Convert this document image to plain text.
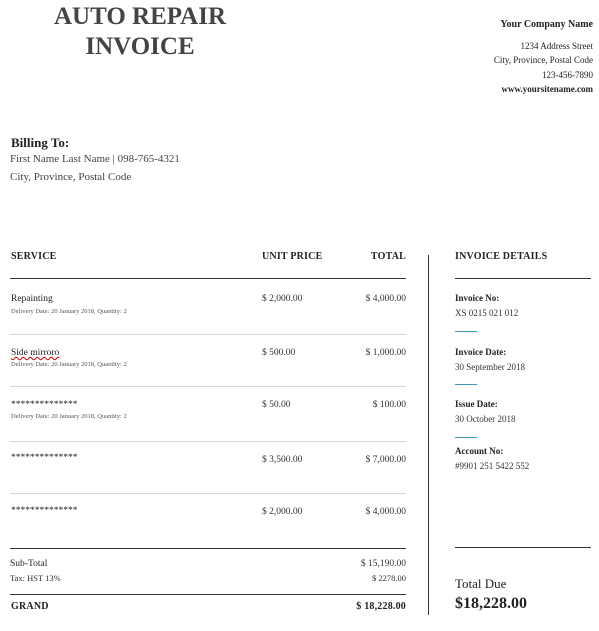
AUTO REPAIR
INVOICE
Your Company Name
1234 Address Street
City, Province, Postal Code
123-456-7890
www.yoursitename.com
Billing To:
First Name Last Name | 098-765-4321
City, Province, Postal Code
SERVICE	UNIT PRICE	TOTAL
Repainting
Delivery Date: 20 January 2018, Quantity: 2
$ 2,000.00	$ 4,000.00
Side mirroro
Delivery Date: 20 January 2018, Quantity: 2
$ 500.00	$ 1,000.00
**************
Delivery Date: 20 January 2018, Quantity: 2
$ 50.00	$ 100.00
**************	$ 3,500.00	$ 7,000.00
**************	$ 2,000.00	$ 4,000.00
Sub-Total	$ 15,190.00
Tax: HST 13%	$ 2278.00
GRAND	$ 18,228.00
INVOICE DETAILS
Invoice No:
XS 0215 021 012
Invoice Date:
30 September 2018
Issue Date:
30 October 2018
Account No:
#9901 251 5422 552
Total Due
$18,228.00
